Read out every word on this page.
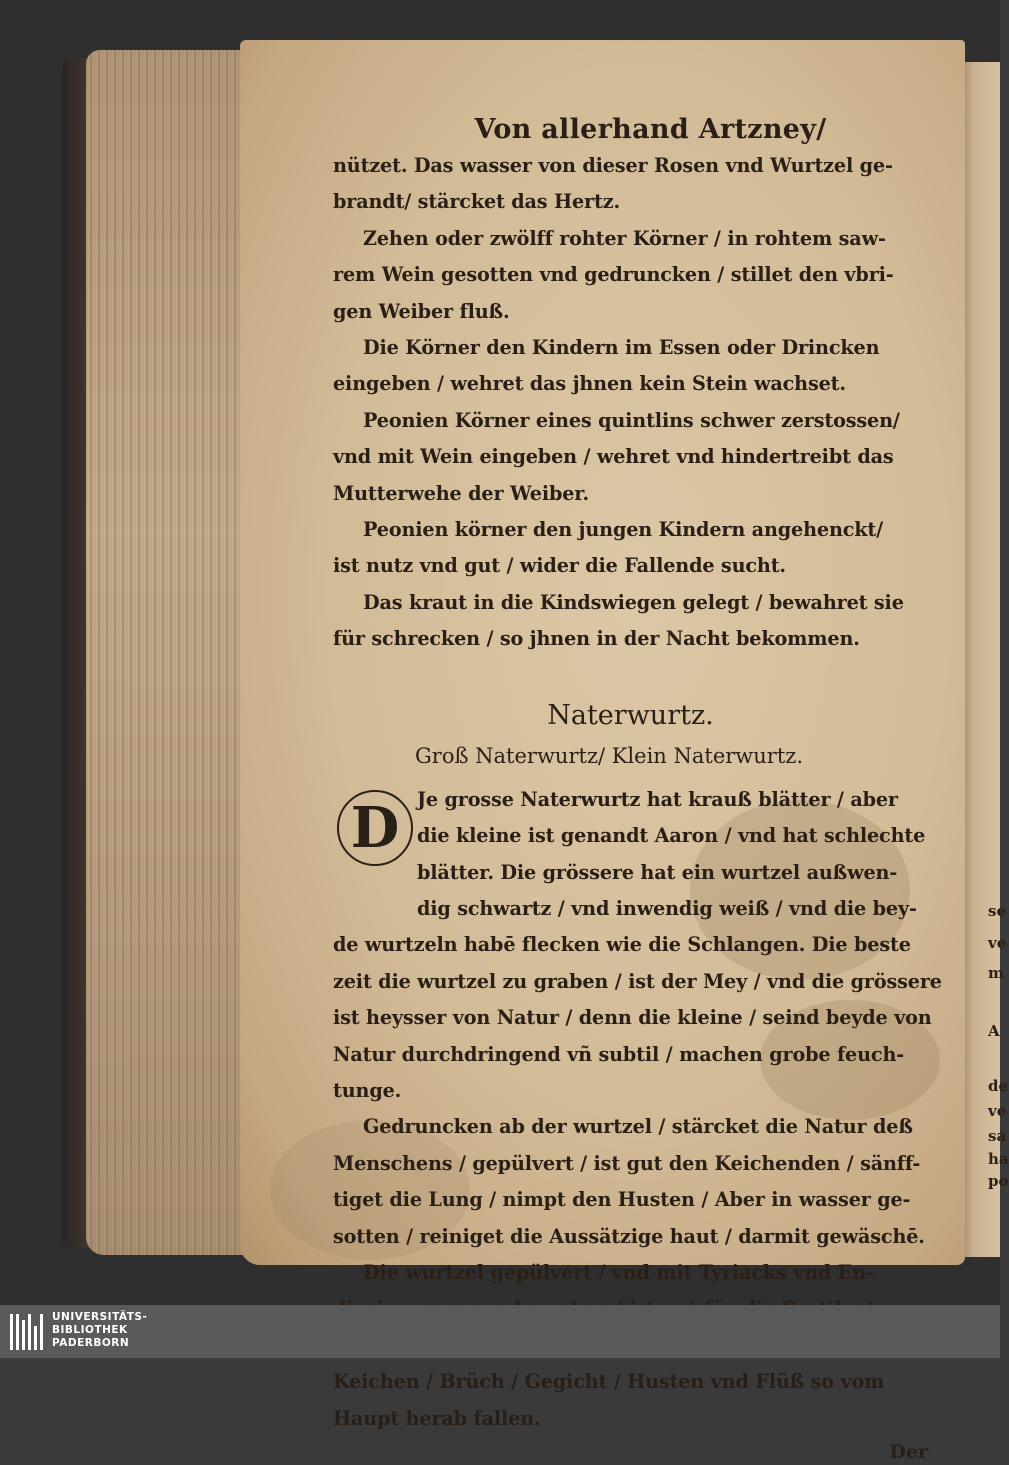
se
ve
m
A
de
ve
sa
ha
po
Von allerhand Artzney/
nützet. Das wasser von dieser Rosen vnd Wurtzel ge-
brandt/ stärcket das Hertz.
Zehen oder zwölff rohter Körner / in rohtem saw-
rem Wein gesotten vnd gedruncken / stillet den vbri-
gen Weiber fluß.
Die Körner den Kindern im Essen oder Drincken
eingeben / wehret das jhnen kein Stein wachset.
Peonien Körner eines quintlins schwer zerstossen/
vnd mit Wein eingeben / wehret vnd hindertreibt das
Mutterwehe der Weiber.
Peonien körner den jungen Kindern angehenckt/
ist nutz vnd gut / wider die Fallende sucht.
Das kraut in die Kindswiegen gelegt / bewahret sie
für schrecken / so jhnen in der Nacht bekommen.
Naterwurtz.
Groß Naterwurtz/ Klein Naterwurtz.
D Je grosse Naterwurtz hat krauß blätter / aber
die kleine ist genandt Aaron / vnd hat schlechte
blätter. Die grössere hat ein wurtzel außwen-
dig schwartz / vnd inwendig weiß / vnd die bey-
de wurtzeln habē flecken wie die Schlangen. Die beste
zeit die wurtzel zu graben / ist der Mey / vnd die grössere
ist heysser von Natur / denn die kleine / seind beyde von
Natur durchdringend vñ subtil / machen grobe feuch-
tunge.
Gedruncken ab der wurtzel / stärcket die Natur deß
Menschens / gepülvert / ist gut den Keichenden / sänff-
tiget die Lung / nimpt den Husten / Aber in wasser ge-
sotten / reiniget die Aussätzige haut / darmit gewäschē.
Die wurtzel gepülvert / vnd mit Tyriacks vnd En-
Keichen / Brüch / Gegicht / Husten vnd Flüß so vom
Haupt herab fallen.
Der
UNIVERSITÄTS-
BIBLIOTHEK
PADERBORN
